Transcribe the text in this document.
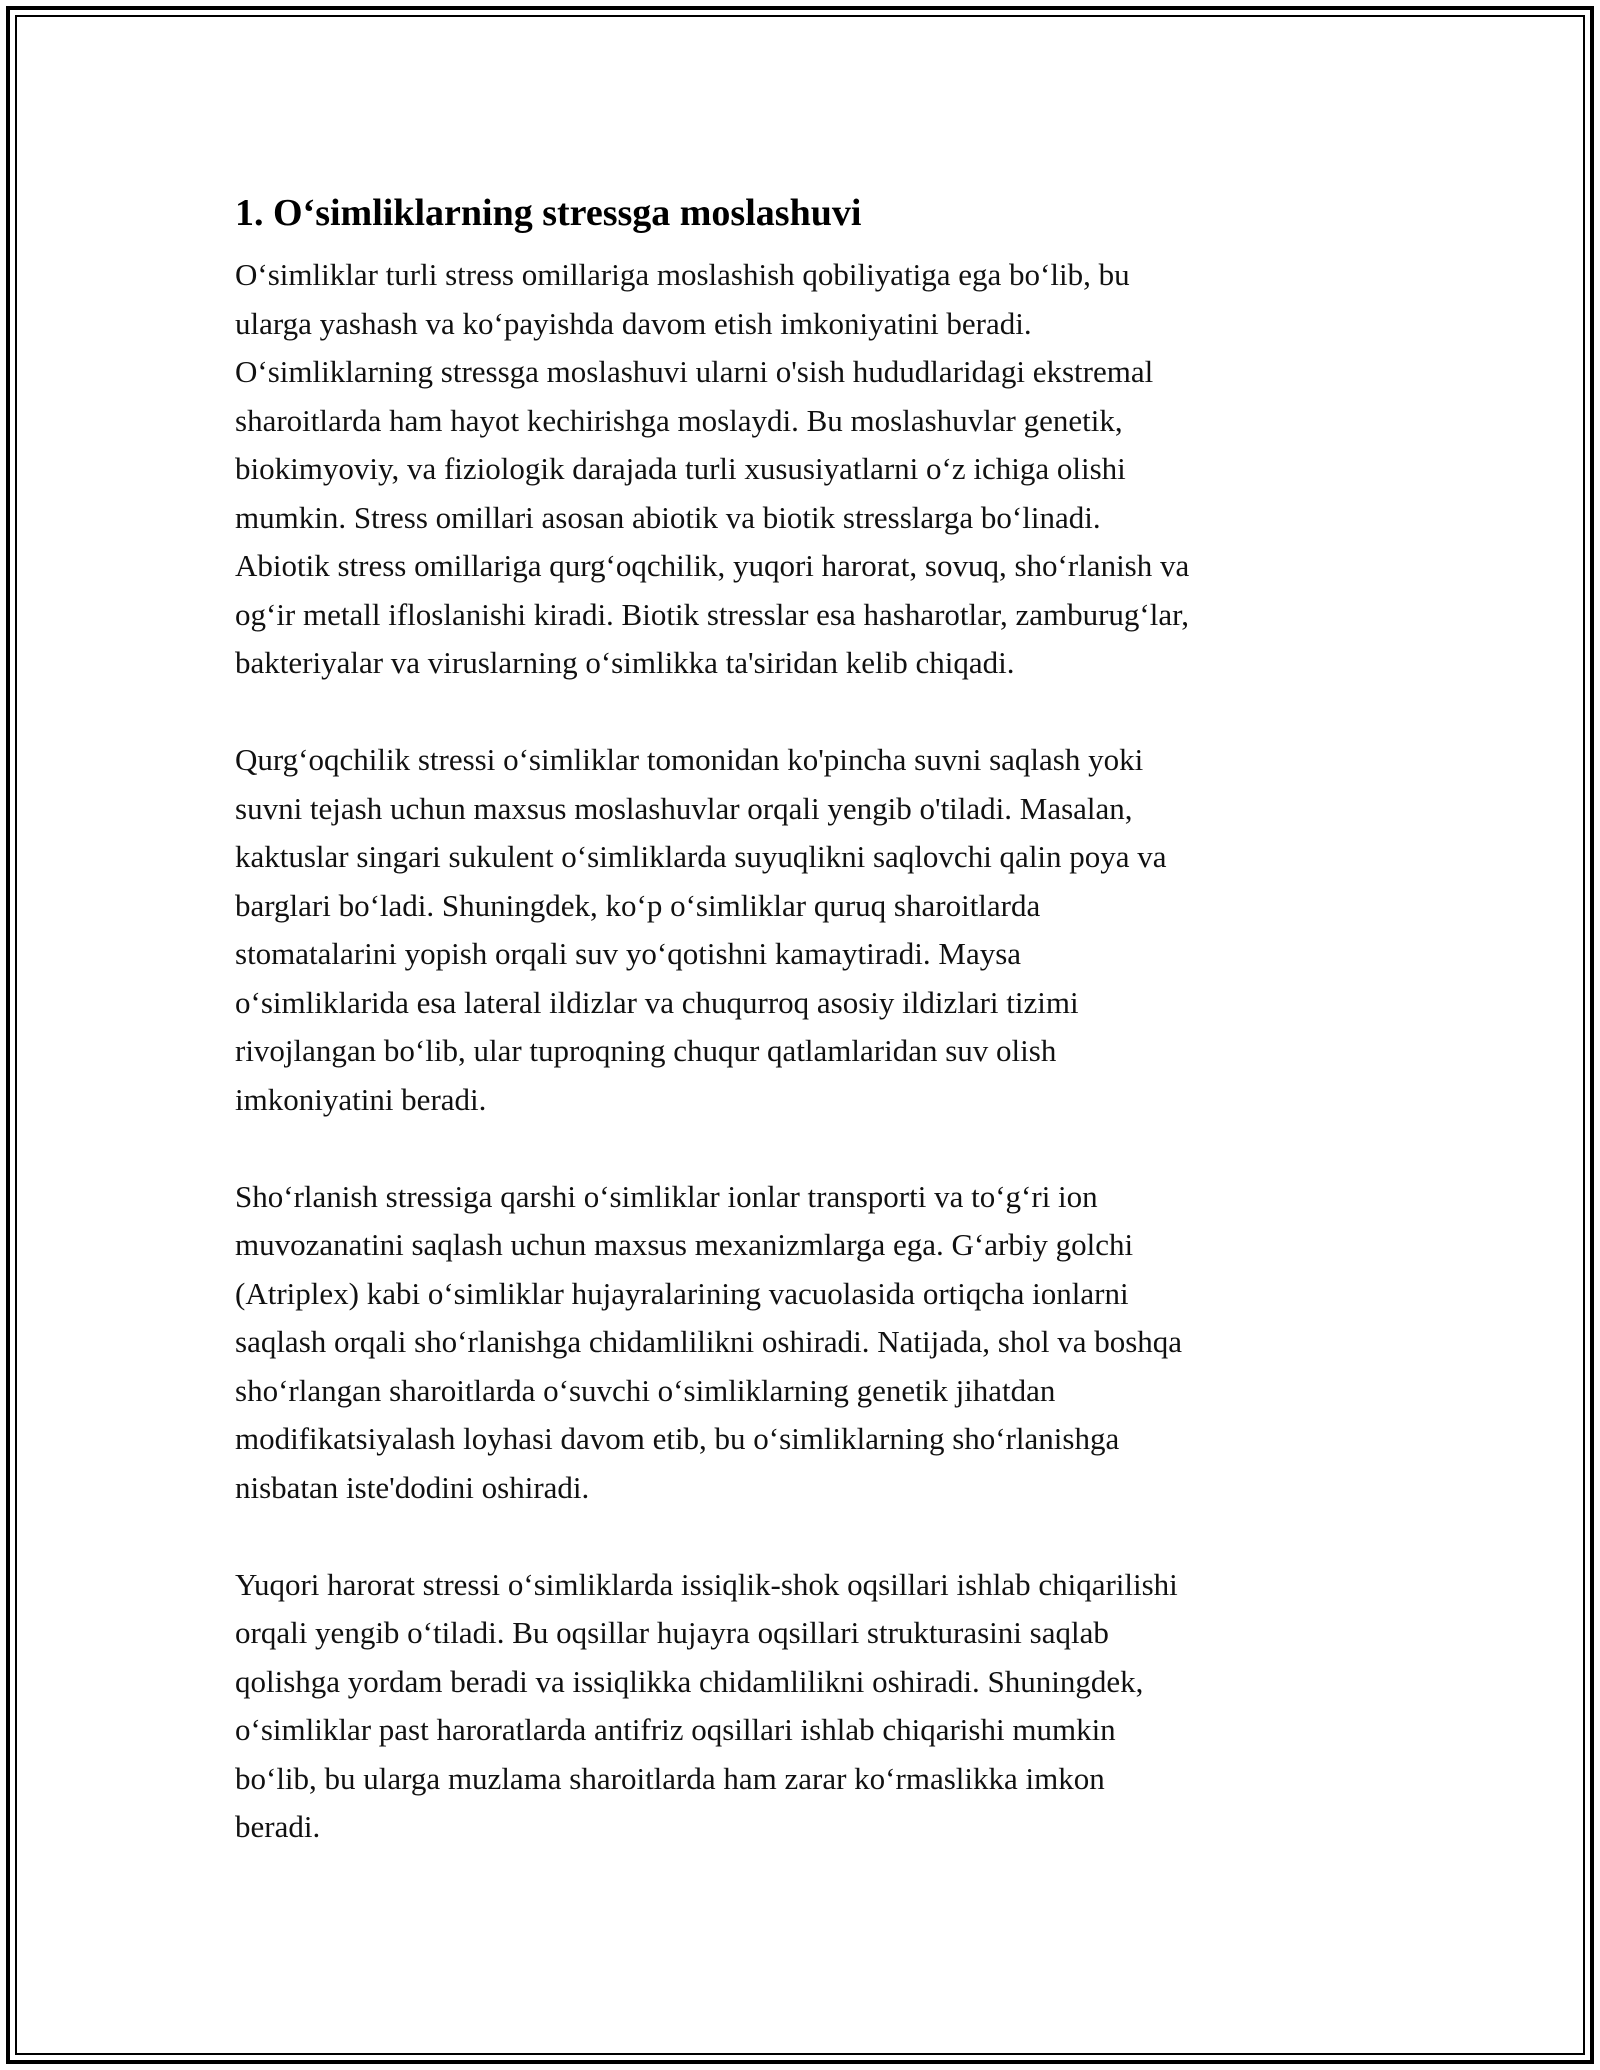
1. O‘simliklarning stressga moslashuvi

O‘simliklar turli stress omillariga moslashish qobiliyatiga ega bo‘lib, bu
ularga yashash va ko‘payishda davom etish imkoniyatini beradi.
O‘simliklarning stressga moslashuvi ularni o'sish hududlaridagi ekstremal
sharoitlarda ham hayot kechirishga moslaydi. Bu moslashuvlar genetik,
biokimyoviy, va fiziologik darajada turli xususiyatlarni o‘z ichiga olishi
mumkin. Stress omillari asosan abiotik va biotik stresslarga bo‘linadi.
Abiotik stress omillariga qurg‘oqchilik, yuqori harorat, sovuq, sho‘rlanish va
og‘ir metall ifloslanishi kiradi. Biotik stresslar esa hasharotlar, zamburug‘lar,
bakteriyalar va viruslarning o‘simlikka ta'siridan kelib chiqadi.

Qurg‘oqchilik stressi o‘simliklar tomonidan ko'pincha suvni saqlash yoki
suvni tejash uchun maxsus moslashuvlar orqali yengib o'tiladi. Masalan,
kaktuslar singari sukulent o‘simliklarda suyuqlikni saqlovchi qalin poya va
barglari bo‘ladi. Shuningdek, ko‘p o‘simliklar quruq sharoitlarda
stomatalarini yopish orqali suv yo‘qotishni kamaytiradi. Maysa
o‘simliklarida esa lateral ildizlar va chuqurroq asosiy ildizlari tizimi
rivojlangan bo‘lib, ular tuproqning chuqur qatlamlaridan suv olish
imkoniyatini beradi.

Sho‘rlanish stressiga qarshi o‘simliklar ionlar transporti va to‘g‘ri ion
muvozanatini saqlash uchun maxsus mexanizmlarga ega. G‘arbiy golchi
(Atriplex) kabi o‘simliklar hujayralarining vacuolasida ortiqcha ionlarni
saqlash orqali sho‘rlanishga chidamlilikni oshiradi. Natijada, shol va boshqa
sho‘rlangan sharoitlarda o‘suvchi o‘simliklarning genetik jihatdan
modifikatsiyalash loyhasi davom etib, bu o‘simliklarning sho‘rlanishga
nisbatan iste'dodini oshiradi.

Yuqori harorat stressi o‘simliklarda issiqlik-shok oqsillari ishlab chiqarilishi
orqali yengib o‘tiladi. Bu oqsillar hujayra oqsillari strukturasini saqlab
qolishga yordam beradi va issiqlikka chidamlilikni oshiradi. Shuningdek,
o‘simliklar past haroratlarda antifriz oqsillari ishlab chiqarishi mumkin
bo‘lib, bu ularga muzlama sharoitlarda ham zarar ko‘rmaslikka imkon
beradi.
